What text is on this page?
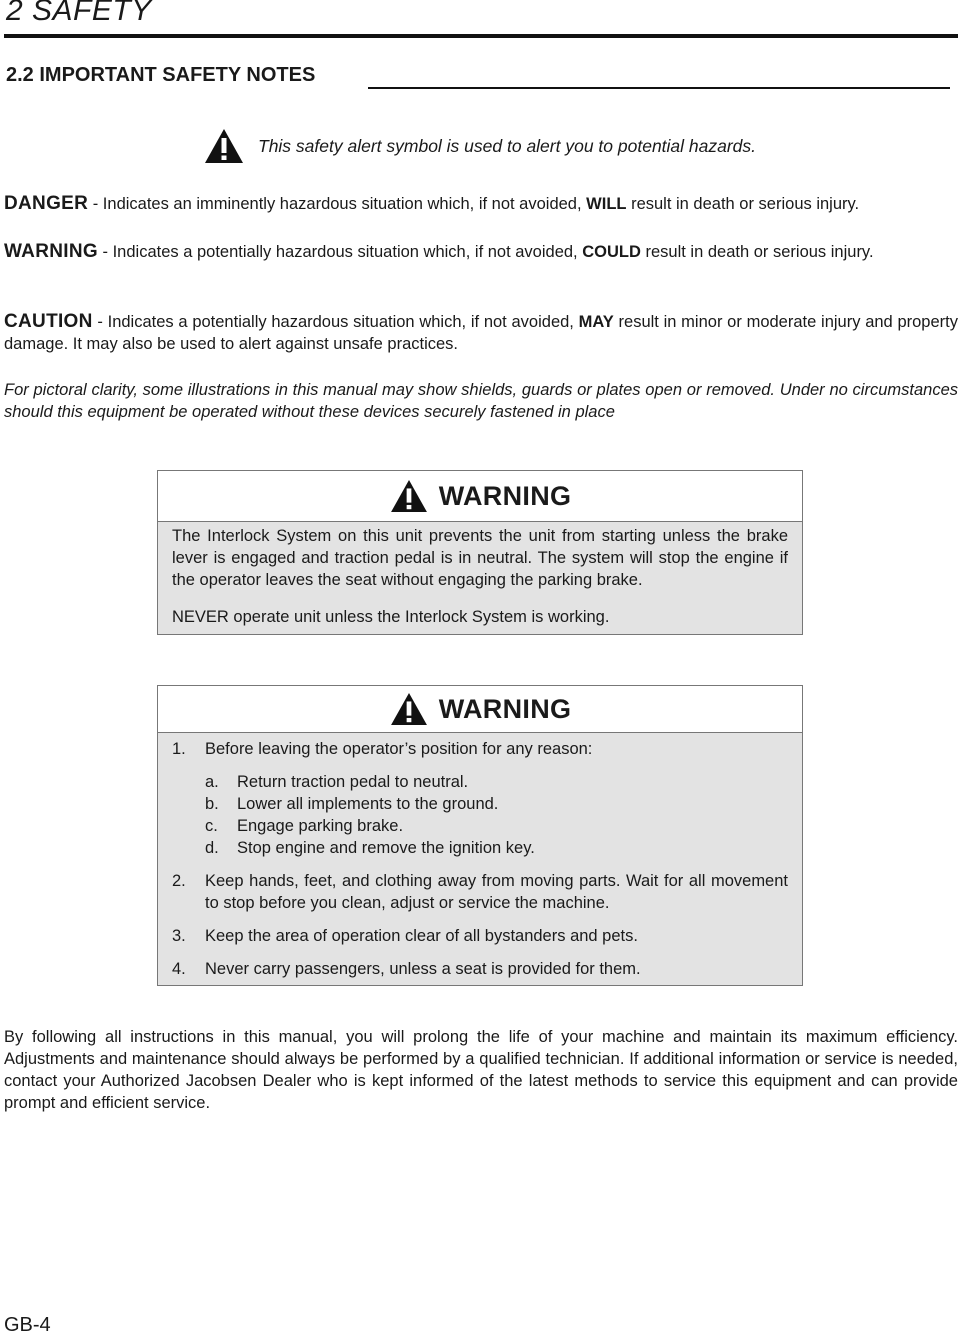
2 SAFETY
2.2 IMPORTANT SAFETY NOTES
This safety alert symbol is used to alert you to potential hazards.
DANGER - Indicates an imminently hazardous situation which, if not avoided, WILL result in death or serious injury.
WARNING - Indicates a potentially hazardous situation which, if not avoided, COULD result in death or serious injury.
CAUTION - Indicates a potentially hazardous situation which, if not avoided, MAY result in minor or moderate injury and property damage. It may also be used to alert against unsafe practices.
For pictoral clarity, some illustrations in this manual may show shields, guards or plates open or removed. Under no circumstances should this equipment be operated without these devices securely fastened in place
WARNING

The Interlock System on this unit prevents the unit from starting unless the brake lever is engaged and traction pedal is in neutral. The system will stop the engine if the operator leaves the seat without engaging the parking brake.

NEVER operate unit unless the Interlock System is working.

WARNING
1.	Before leaving the operator’s position for any reason:
a.	Return traction pedal to neutral.
b.	Lower all implements to the ground.
c.	Engage parking brake.
d.	Stop engine and remove the ignition key.
2.	Keep hands, feet, and clothing away from moving parts. Wait for all movement to stop before you clean, adjust or service the machine.
3.	Keep the area of operation clear of all bystanders and pets.
4.	Never carry passengers, unless a seat is provided for them.
By following all instructions in this manual, you will prolong the life of your machine and maintain its maximum efficiency. Adjustments and maintenance should always be performed by a qualified technician. If additional information or service is needed, contact your Authorized Jacobsen Dealer who is kept informed of the latest methods to service this equipment and can provide prompt and efficient service.
GB-4
